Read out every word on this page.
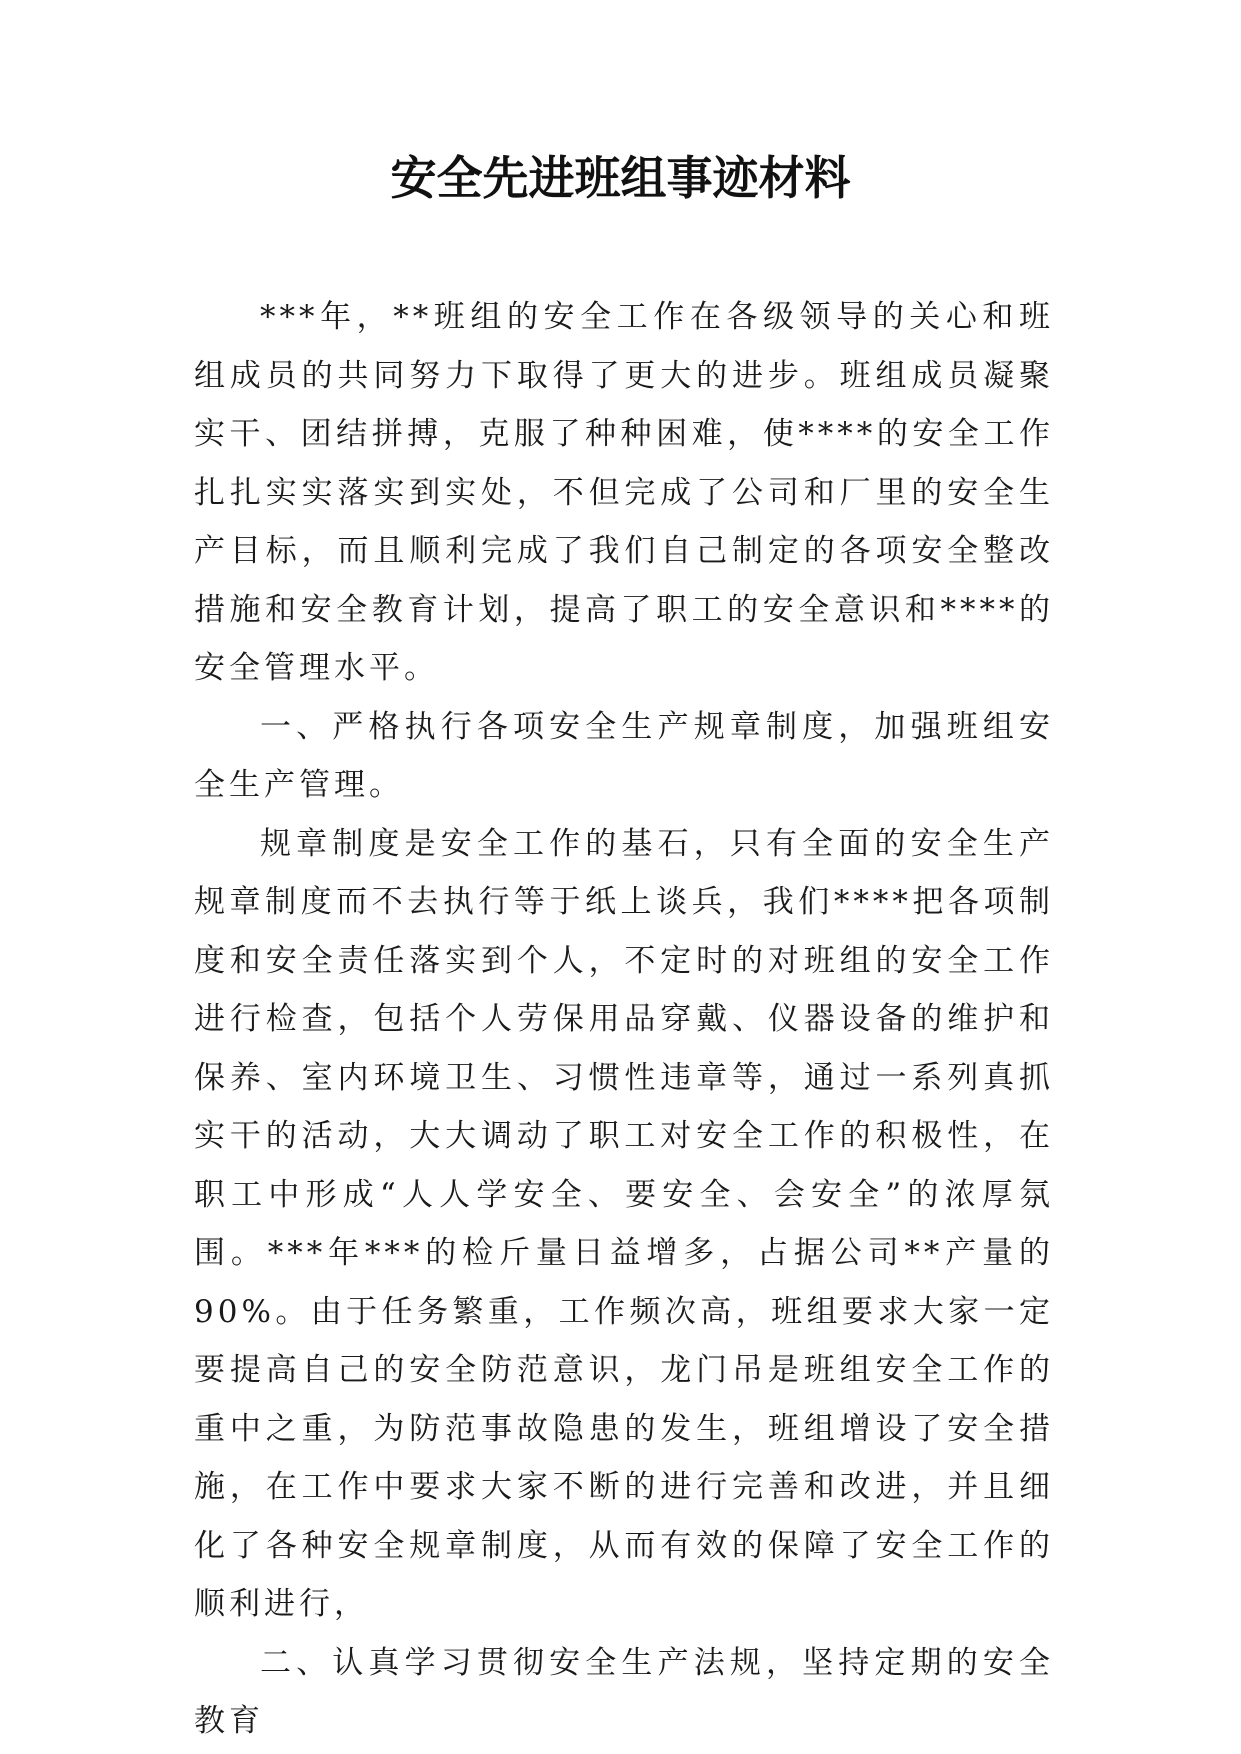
安全先进班组事迹材料

***年，**班组的安全工作在各级领导的关心和班组成员的共同努力下取得了更大的进步。班组成员凝聚实干、团结拼搏，克服了种种困难，使****的安全工作扎扎实实落实到实处，不但完成了公司和厂里的安全生产目标，而且顺利完成了我们自己制定的各项安全整改措施和安全教育计划，提高了职工的安全意识和****的安全管理水平。

一、严格执行各项安全生产规章制度，加强班组安全生产管理。

规章制度是安全工作的基石，只有全面的安全生产规章制度而不去执行等于纸上谈兵，我们****把各项制度和安全责任落实到个人，不定时的对班组的安全工作进行检查，包括个人劳保用品穿戴、仪器设备的维护和保养、室内环境卫生、习惯性违章等，通过一系列真抓实干的活动，大大调动了职工对安全工作的积极性，在职工中形成“人人学安全、要安全、会安全”的浓厚氛围。***年***的检斤量日益增多，占据公司**产量的90%。由于任务繁重，工作频次高，班组要求大家一定要提高自己的安全防范意识，龙门吊是班组安全工作的重中之重，为防范事故隐患的发生，班组增设了安全措施，在工作中要求大家不断的进行完善和改进，并且细化了各种安全规章制度，从而有效的保障了安全工作的顺利进行，

二、认真学习贯彻安全生产法规，坚持定期的安全教育
